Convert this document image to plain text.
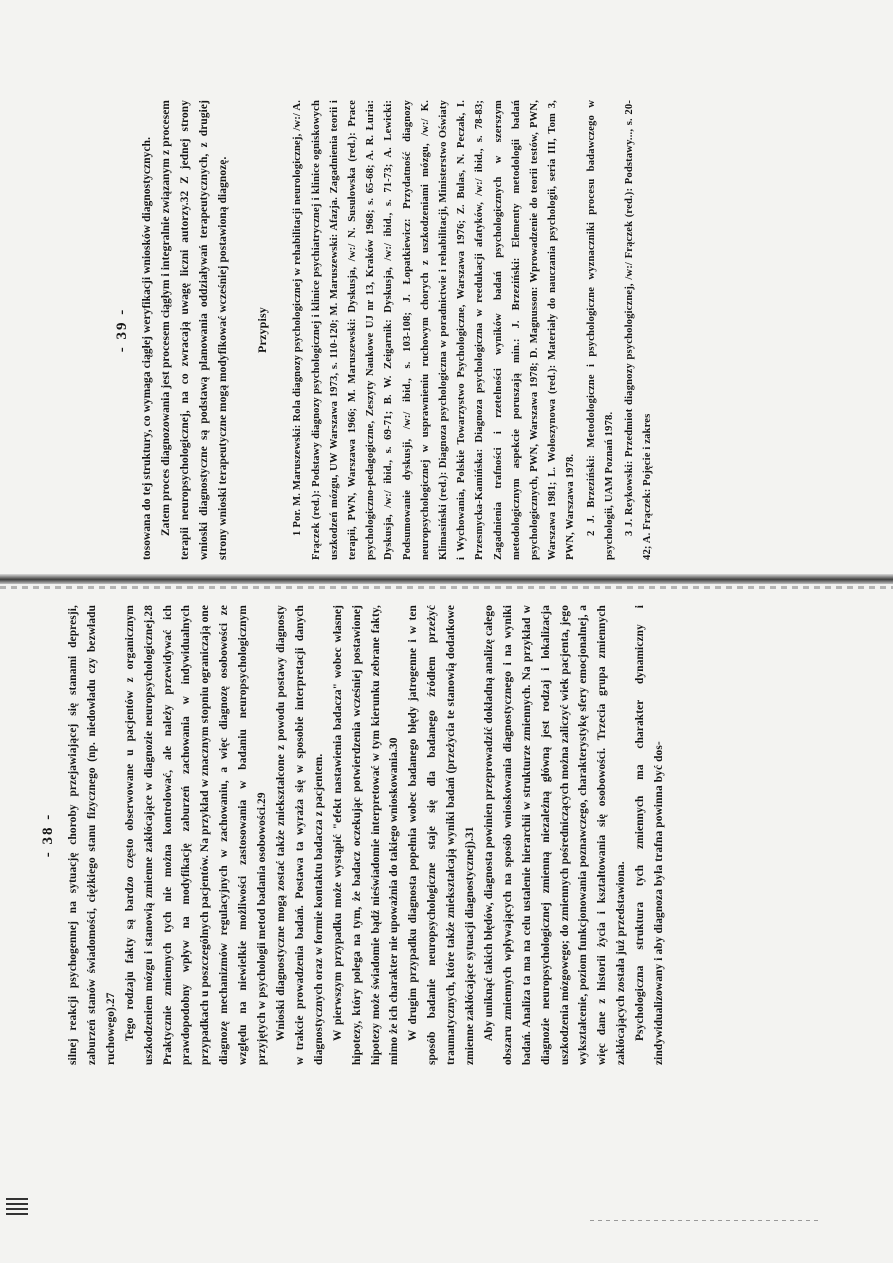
- 38 - silnej reakcji psychogennej na sytuację choroby przejawiającej się stanami depresji, zaburzeń stanów świadomości, ciężkiego stanu fizycznego (np. niedowładu czy bezwładu ruchowego).27 Tego rodzaju fakty są bardzo często obserwowane u pacjentów z organicznym uszkodzeniem mózgu i stanowią zmienne zakłócające w diagnozie neuropsychologicznej.28 Praktycznie zmiennych tych nie można kontrolować, ale należy przewidywać ich prawdopodobny wpływ na modyfikację zaburzeń zachowania w indywidualnych przypadkach u poszczególnych pacjentów. Na przykład w znacznym stopniu ograniczają one diagnozę mechanizmów regulacyjnych w zachowaniu, a więc diagnozę osobowości ze względu na niewielkie możliwości zastosowania w badaniu neuropsychologicznym przyjętych w psychologii metod badania osobowości.29 Wnioski diagnostyczne mogą zostać także zniekształcone z powodu postawy diagnosty w trakcie prowadzenia badań. Postawa ta wyraża się w sposobie interpretacji danych diagnostycznych oraz w formie kontaktu badacza z pacjentem. W pierwszym przypadku może wystąpić "efekt nastawienia badacza" wobec własnej hipotezy, który polega na tym, że badacz oczekując potwierdzenia wcześniej postawionej hipotezy może świadomie bądź nieświadomie interpretować w tym kierunku zebrane fakty, mimo że ich charakter nie upoważnia do takiego wnioskowania.30 W drugim przypadku diagnosta popełnia wobec badanego błędy jatrogenne i w ten sposób badanie neuropsychologiczne staje się dla badanego źródłem przeżyć traumatycznych, które także zniekształcają wyniki badań (przeżycia te stanowią dodatkowe zmienne zakłócające sytuacji diagnostycznej).31 Aby uniknąć takich błędów, diagnosta powinien przeprowadzić dokładną analizę całego obszaru zmiennych wpływających na sposób wnioskowania diagnostycznego i na wyniki badań. Analiza ta ma na celu ustalenie hierarchii w strukturze zmiennych. Na przykład w diagnozie neuropsychologicznej zmienną niezależną główną jest rodzaj i lokalizacja uszkodzenia mózgowego; do zmiennych pośredniczących można zaliczyć wiek pacjenta, jego wykształcenie, poziom funkcjonowania poznawczego, charakterystykę sfery emocjonalnej, a więc dane z historii życia i kształtowania się osobowości. Trzecia grupa zmiennych zakłócających została już przedstawiona. Psychologiczna struktura tych zmiennych ma charakter dynamiczny i zindywidualizowany i aby diagnoza była trafna powinna być dos-

- 39 - tosowana do tej struktury, co wymaga ciągłej weryfikacji wniosków diagnostycznych. Zatem proces diagnozowania jest procesem ciągłym i integralnie związanym z procesem terapii neuropsychologicznej, na co zwracają uwagę liczni autorzy.32 Z jednej strony wnioski diagnostyczne są podstawą planowania oddziaływań terapeutycznych, z drugiej strony wnioski terapeutyczne mogą modyfikować wcześniej postawioną diagnozę.	Przypisy 1 Por. M. Maruszewski: Rola diagnozy psychologicznej w rehabilitacji neurologicznej, /w:/ A. Frączek (red.): Podstawy diagnozy psychologicznej i klinice psychiatrycznej i klinice ogniskowych uszkodzeń mózgu, UW Warszawa 1973, s. 110-120; M. Maruszewski: Afazja. Zagadnienia teorii i terapii, PWN, Warszawa 1966; M. Maruszewski: Dyskusja, /w:/ N. Susułowska (red.): Prace psychologiczno-pedagogiczne, Zeszyty Naukowe UJ nr 13, Kraków 1968; s. 65-68; A. R. Łuria: Dyskusja, /w:/ ibid., s. 69-71; B. W. Zeigarnik: Dyskusja, /w:/ ibid., s. 71-73; A. Lewicki: Podsumowanie dyskusji, /w:/ ibid., s. 103-108; J. Łopatkiewicz: Przydatność diagnozy neuropsychologicznej w usprawnieniu ruchowym chorych z uszkodzeniami mózgu, /w:/ K. Klimasiński (red.): Diagnoza psychologiczna w poradnictwie i rehabilitacji, Ministerstwo Oświaty i Wychowania, Polskie Towarzystwo Psychologiczne, Warszawa 1976; Z. Bulas, N. Peczak, I. Przesmycka-Kamińska: Diagnoza psychologiczna w reedukacji afatyków, /w:/ ibid., s. 78-83; Zagadnienia trafności i rzetelności wyników badań psychologicznych w szerszym metodologicznym aspekcie poruszają min.: J. Brzeziński: Elementy metodologii badań psychologicznych, PWN, Warszawa 1978; D. Magnusson: Wprowadzenie do teorii testów, PWN, Warszawa 1981; L. Wołoszynowa (red.): Materiały do nauczania psychologii, seria III, Tom 3, PWN, Warszawa 1978. 2 J. Brzeziński: Metodologiczne i psychologiczne wyznaczniki procesu badawczego w psychologii, UAM Poznań 1978. 3 J. Reykowski: Przedmiot diagnozy psychologicznej, /w:/ Frączek (red.): Podstawy..., s. 20-42; A. Frączek: Pojęcie i zakres
